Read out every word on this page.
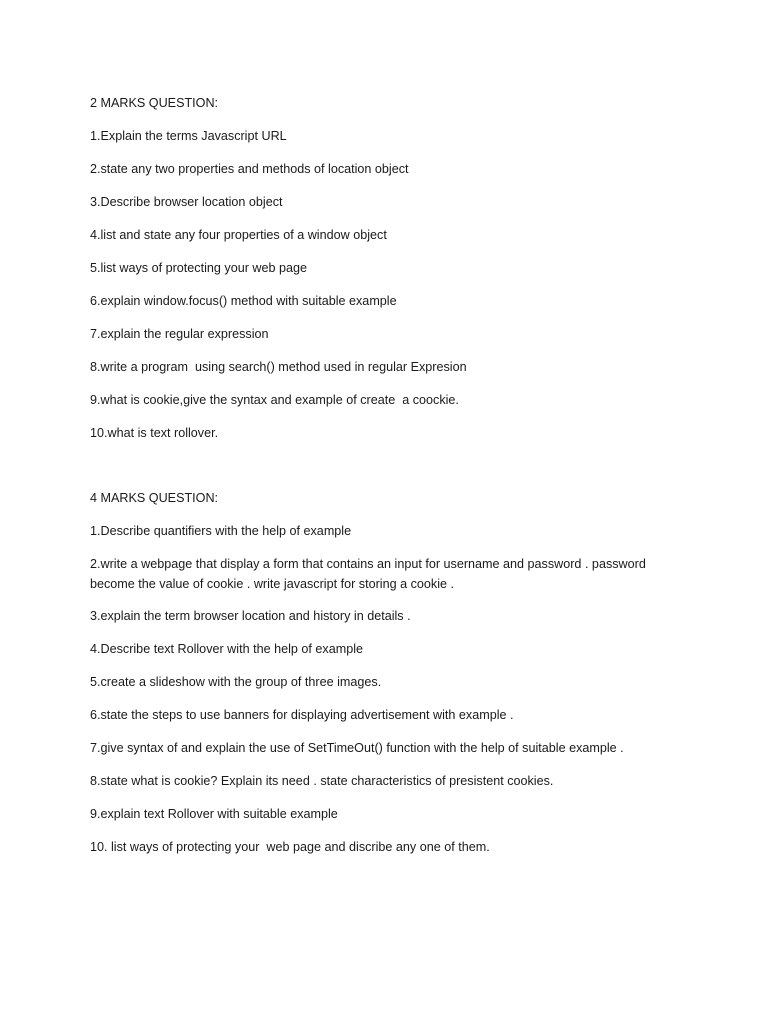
2 MARKS QUESTION:
1.Explain the terms Javascript URL
2.state any two properties and methods of location object
3.Describe browser location object
4.list and state any four properties of a window object
5.list ways of protecting your web page
6.explain window.focus() method with suitable example
7.explain the regular expression
8.write a program  using search() method used in regular Expresion
9.what is cookie,give the syntax and example of create  a coockie.
10.what is text rollover.
4 MARKS QUESTION:
1.Describe quantifiers with the help of example
2.write a webpage that display a form that contains an input for username and password . password become the value of cookie . write javascript for storing a cookie .
3.explain the term browser location and history in details .
4.Describe text Rollover with the help of example
5.create a slideshow with the group of three images.
6.state the steps to use banners for displaying advertisement with example .
7.give syntax of and explain the use of SetTimeOut() function with the help of suitable example .
8.state what is cookie? Explain its need . state characteristics of presistent cookies.
9.explain text Rollover with suitable example
10. list ways of protecting your  web page and discribe any one of them.
